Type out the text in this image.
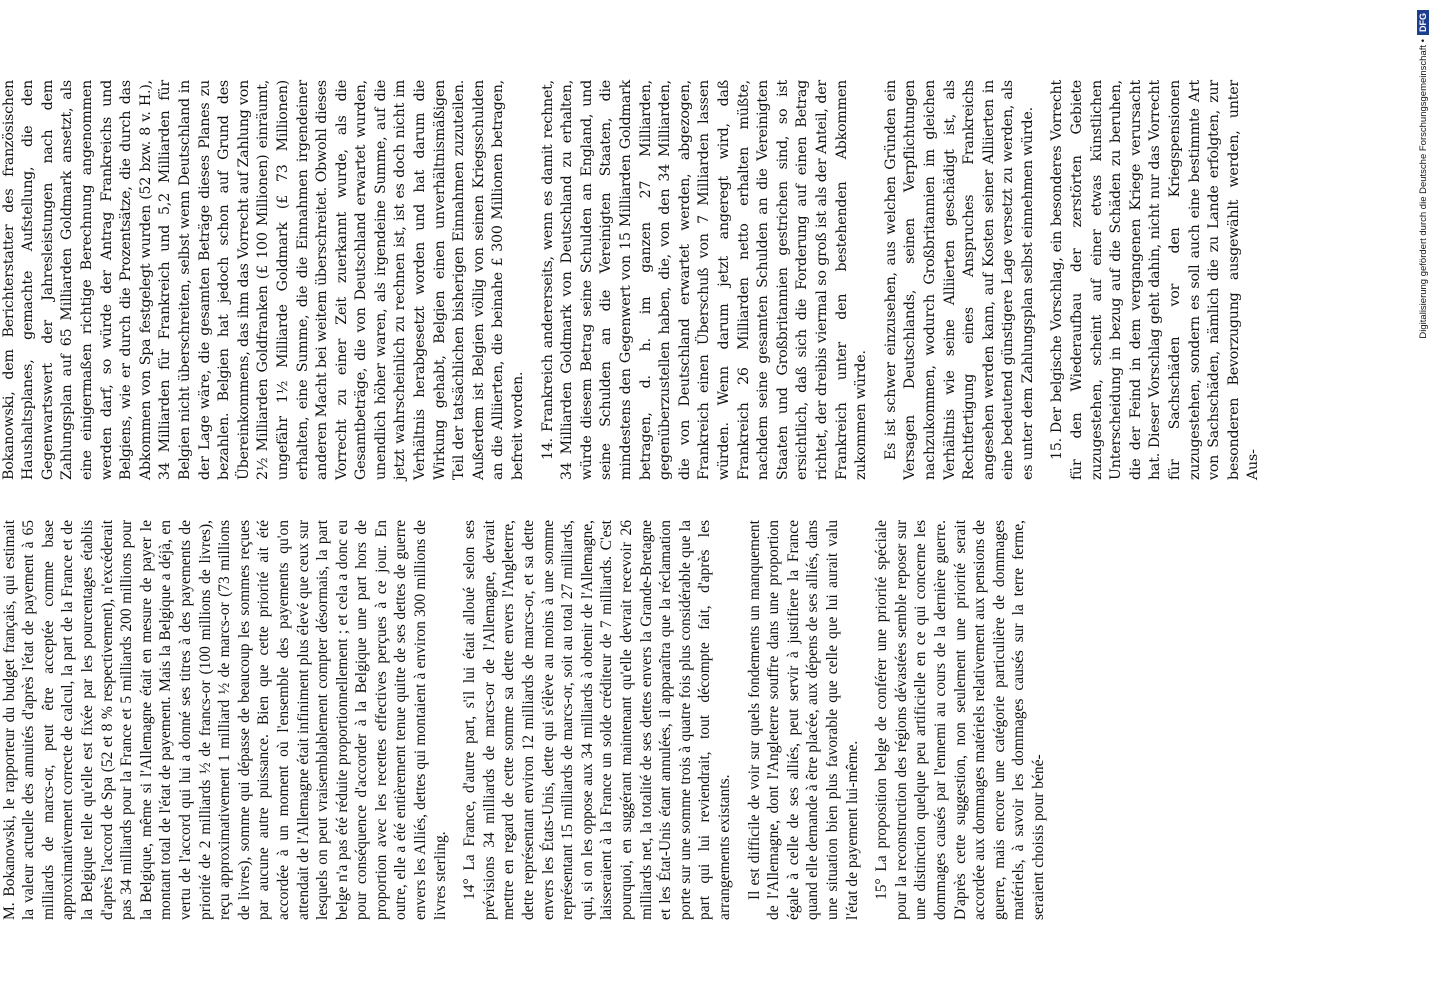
M. Bokanowski, le rapporteur du budget français, qui estimait la valeur actuelle des annuités d'après l'état de payement à 65 milliards de marcs-or, peut être acceptée comme base approximativement correcte de calcul, la part de la France et de la Belgique telle qu'elle est fixée par les pourcentages établis d'après l'accord de Spa (52 et 8 % respectivement), n'excéderait pas 34 milliards pour la France et 5 milliards 200 millions pour la Belgique, même si l'Allemagne était en mesure de payer le montant total de l'état de payement. Mais la Belgique a déjà, en vertu de l'accord qui lui a donné ses titres à des payements de priorité de 2 milliards ½ de francs-or (100 millions de livres), reçu approximativement 1 milliard ½ de marcs-or (73 millions de livres), somme qui dépasse de beaucoup les sommes reçues par aucune autre puissance. Bien que cette priorité ait été accordée à un moment où l'ensemble des payements qu'on attendait de l'Allemagne était infiniment plus élevé que ceux sur lesquels on peut vraisemblablement compter désormais, la part belge n'a pas été réduite proportionnellement ; et cela a donc eu pour conséquence d'accorder à la Belgique une part hors de proportion avec les recettes effectives perçues à ce jour. En outre, elle a été entièrement tenue quitte de ses dettes de guerre envers les Alliés, dettes qui montaient à environ 300 millions de livres sterling. 14° La France, d'autre part, s'il lui était alloué selon ses prévisions 34 milliards de marcs-or de l'Allemagne, devrait mettre en regard de cette somme sa dette envers l'Angleterre, dette représentant environ 12 milliards de marcs-or, et sa dette envers les États-Unis, dette qui s'élève au moins à une somme représentant 15 milliards de marcs-or, soit au total 27 milliards, qui, si on les oppose aux 34 milliards à obtenir de l'Allemagne, laisseraient à la France un solde créditeur de 7 milliards. C'est pourquoi, en suggérant maintenant qu'elle devrait recevoir 26 milliards net, la totalité de ses dettes envers la Grande-Bretagne et les État-Unis étant annulées, il apparaîtra que la réclamation porte sur une somme trois à quatre fois plus considérable que la part qui lui reviendrait, tout décompte fait, d'après les arrangements existants. Il est difficile de voir sur quels fondements un manquement de l'Allemagne, dont l'Angleterre souffre dans une proportion égale à celle de ses alliés, peut servir à justifiere la France quand elle demande à être placée, aux dépens de ses alliés, dans une situation bien plus favorable que celle que lui aurait valu l'état de payement lui-même. 15° La proposition belge de conférer une priorité spéciale pour la reconstruction des régions dévastées semble reposer sur une distinction quelque peu artificielle en ce qui concerne les dommages causés par l'ennemi au cours de la dernière guerre. D'après cette suggestion, non seulement une priorité serait accordée aux dommages matériels relativement aux pensions de guerre, mais encore une catégorie particulière de dommages matériels, à savoir les dommages causés sur la terre ferme, seraient choisis pour béné-

Bokanowski, dem Berichterstatter des französischen Haushaltsplanes, gemachte Aufstellung, die den Gegenwartswert der Jahresleistungen nach dem Zahlungsplan auf 65 Milliarden Goldmark ansetzt, als eine einigermaßen richtige Berechnung angenommen werden darf, so würde der Antrag Frankreichs und Belgiens, wie er durch die Prozentsätze, die durch das Abkommen von Spa festgelegt wurden (52 bzw. 8 v. H.), 34 Milliarden für Frankreich und 5,2 Milliarden für Belgien nicht überschreiten, selbst wenn Deutschland in der Lage wäre, die gesamten Beträge dieses Planes zu bezahlen. Belgien hat jedoch schon auf Grund des Übereinkommens, das ihm das Vorrecht auf Zahlung von 2½ Milliarden Goldfranken (£ 100 Millionen) einräumt, ungefähr 1½ Milliarde Goldmark (£ 73 Millionen) erhalten, eine Summe, die die Einnahmen irgendeiner anderen Macht bei weitem überschreitet. Obwohl dieses Vorrecht zu einer Zeit zuerkannt wurde, als die Gesamtbeträge, die von Deutschland erwartet wurden, unendlich höher waren, als irgendeine Summe, auf die jetzt wahrscheinlich zu rechnen ist, ist es doch nicht im Verhältnis herabgesetzt worden und hat darum die Wirkung gehabt, Belgien einen unverhältnismäßigen Teil der tatsächlichen bisherigen Einnahmen zuzuteilen. Außerdem ist Belgien völlig von seinen Kriegsschulden an die Alliierten, die beinahe £ 300 Millionen betragen, befreit worden. 14. Frankreich andererseits, wenn es damit rechnet, 34 Milliarden Goldmark von Deutschland zu erhalten, würde diesem Betrag seine Schulden an England, und seine Schulden an die Vereinigten Staaten, die mindestens den Gegenwert von 15 Milliarden Goldmark betragen, d. h. im ganzen 27 Milliarden, gegenüberzustellen haben, die, von den 34 Milliarden, die von Deutschland erwartet werden, abgezogen, Frankreich einen Überschuß von 7 Milliarden lassen würden. Wenn darum jetzt angeregt wird, daß Frankreich 26 Milliarden netto erhalten müßte, nachdem seine gesamten Schulden an die Vereinigten Staaten und Großbritannien gestrichen sind, so ist ersichtlich, daß sich die Forderung auf einen Betrag richtet, der dreibis viermal so groß ist als der Anteil, der Frankreich unter den bestehenden Abkommen zukommen würde. Es ist schwer einzusehen, aus welchen Gründen ein Versagen Deutschlands, seinen Verpflichtungen nachzukommen, wodurch Großbritannien im gleichen Verhältnis wie seine Alliierten geschädigt ist, als Rechtfertigung eines Anspruches Frankreichs angesehen werden kann, auf Kosten seiner Alliierten in eine bedeutend günstigere Lage versetzt zu werden, als es unter dem Zahlungsplan selbst einnehmen würde. 15. Der belgische Vorschlag, ein besonderes Vorrecht für den Wiederaufbau der zerstörten Gebiete zuzugestehen, scheint auf einer etwas künstlichen Unterscheidung in bezug auf die Schäden zu beruhen, die der Feind in dem vergangenen Kriege verursacht hat. Dieser Vorschlag geht dahin, nicht nur das Vorrecht für Sachschäden vor den Kriegspensionen zuzugestehen, sondern es soll auch eine bestimmte Art von Sachschäden, nämlich die zu Lande erfolgten, zur besonderen Bevorzugung ausgewählt werden, unter Aus-

Digitalisierung gefördert durch die Deutsche Forschungsgemeinschaft •DFG
